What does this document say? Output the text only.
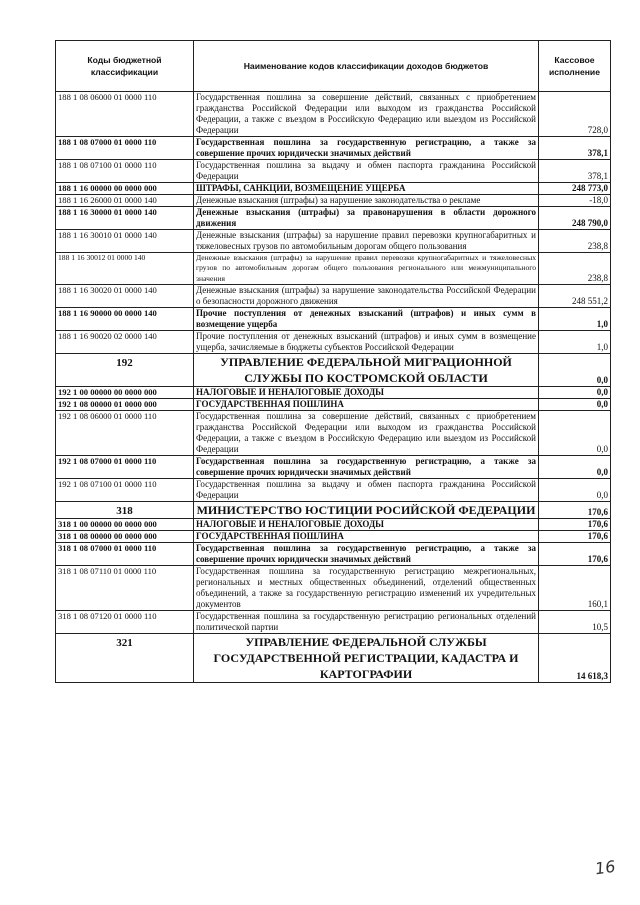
Коды бюджетной классификации	Наименование кодов классификации доходов бюджетов	Кассовое исполнение
188 1 08 06000 01 0000 110	Государственная пошлина за совершение действий, связанных с приобретением гражданства Российской Федерации или выходом из гражданства Российской Федерации, а также с въездом в Российскую Федерацию или выездом из Российской Федерации	728,0
188 1 08 07000 01 0000 110	Государственная пошлина за государственную регистрацию, а также за совершение прочих юридически значимых действий	378,1
188 1 08 07100 01 0000 110	Государственная пошлина за выдачу и обмен паспорта гражданина Российской Федерации	378,1
188 1 16 00000 00 0000 000	ШТРАФЫ, САНКЦИИ, ВОЗМЕЩЕНИЕ УЩЕРБА	248 773,0
188 1 16 26000 01 0000 140	Денежные взыскания (штрафы) за нарушение законодательства о рекламе	-18,0
188 1 16 30000 01 0000 140	Денежные взыскания (штрафы) за правонарушения в области дорожного движения	248 790,0
188 1 16 30010 01 0000 140	Денежные взыскания (штрафы) за нарушение правил перевозки крупногабаритных и тяжеловесных грузов по автомобильным дорогам общего пользования	238,8
188 1 16 30012 01 0000 140	Денежные взыскания (штрафы) за нарушение правил перевозки крупногабаритных и тяжеловесных грузов по автомобильным дорогам общего пользования регионального или межмуниципального значения	238,8
188 1 16 30020 01 0000 140	Денежные взыскания (штрафы) за нарушение законодательства Российской Федерации о безопасности дорожного движения	248 551,2
188 1 16 90000 00 0000 140	Прочие поступления от денежных взысканий (штрафов) и иных сумм в возмещение ущерба	1,0
188 1 16 90020 02 0000 140	Прочие поступления от денежных взысканий (штрафов) и иных сумм в возмещение ущерба, зачисляемые в бюджеты субъектов Российской Федерации	1,0
192	УПРАВЛЕНИЕ ФЕДЕРАЛЬНОЙ МИГРАЦИОННОЙ СЛУЖБЫ ПО КОСТРОМСКОЙ ОБЛАСТИ	0,0
192 1 00 00000 00 0000 000	НАЛОГОВЫЕ И НЕНАЛОГОВЫЕ ДОХОДЫ	0,0
192 1 08 00000 01 0000 000	ГОСУДАРСТВЕННАЯ ПОШЛИНА	0,0
192 1 08 06000 01 0000 110	Государственная пошлина за совершение действий, связанных с приобретением гражданства Российской Федерации или выходом из гражданства Российской Федерации, а также с въездом в Российскую Федерацию или выездом из Российской Федерации	0,0
192 1 08 07000 01 0000 110	Государственная пошлина за государственную регистрацию, а также за совершение прочих юридически значимых действий	0,0
192 1 08 07100 01 0000 110	Государственная пошлина за выдачу и обмен паспорта гражданина Российской Федерации	0,0
318	МИНИСТЕРСТВО ЮСТИЦИИ РОСИЙСКОЙ ФЕДЕРАЦИИ	170,6
318 1 00 00000 00 0000 000	НАЛОГОВЫЕ И НЕНАЛОГОВЫЕ ДОХОДЫ	170,6
318 1 08 00000 00 0000 000	ГОСУДАРСТВЕННАЯ ПОШЛИНА	170,6
318 1 08 07000 01 0000 110	Государственная пошлина за государственную регистрацию, а также за совершение прочих юридически значимых действий	170,6
318 1 08 07110 01 0000 110	Государственная пошлина за государственную регистрацию межрегиональных, региональных и местных общественных объединений, отделений общественных объединений, а также за государственную регистрацию изменений их учредительных документов	160,1
318 1 08 07120 01 0000 110	Государственная пошлина за государственную регистрацию региональных отделений политической партии	10,5
321	УПРАВЛЕНИЕ ФЕДЕРАЛЬНОЙ СЛУЖБЫ ГОСУДАРСТВЕННОЙ РЕГИСТРАЦИИ, КАДАСТРА И КАРТОГРАФИИ	14 618,3
16
